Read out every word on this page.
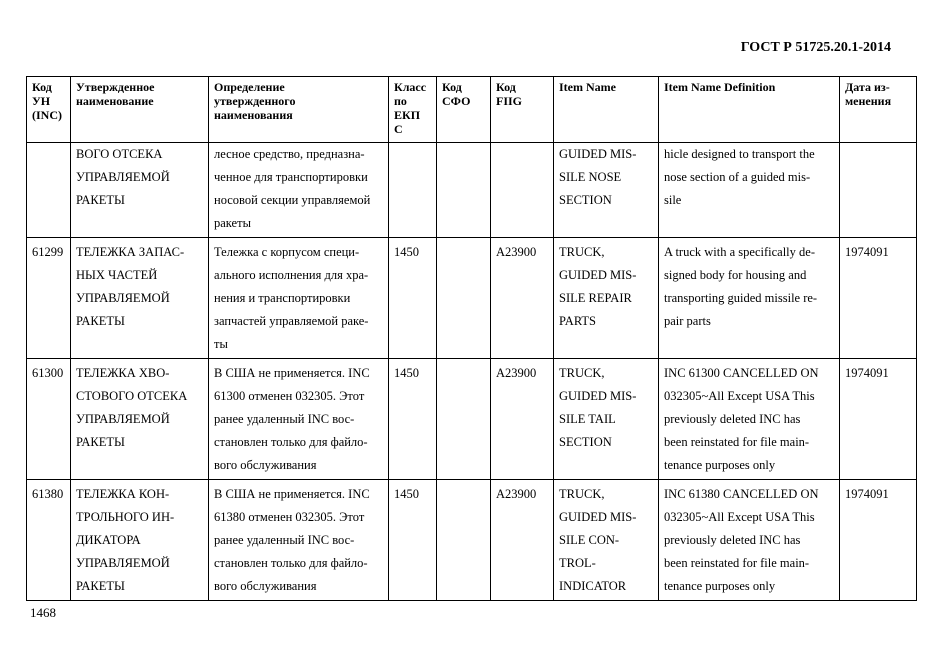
ГОСТ Р 51725.20.1-2014
Код
УН
(INC)	Утвержденное
наименование	Определение
утвержденного
наименования	Класс
по
ЕКП
С	Код
СФО	Код
FIIG	Item Name	Item Name Definition	Дата из-
менения
	ВОГО ОТСЕКА
УПРАВЛЯЕМОЙ
РАКЕТЫ	лесное средство, предназна-
ченное для транспортировки
носовой секции управляемой
ракеты				GUIDED MIS-
SILE NOSE
SECTION	hicle designed to transport the
nose section of a guided mis-
sile	
61299	ТЕЛЕЖКА ЗАПАС-
НЫХ ЧАСТЕЙ
УПРАВЛЯЕМОЙ
РАКЕТЫ	Тележка с корпусом специ-
ального исполнения для хра-
нения и транспортировки
запчастей управляемой раке-
ты	1450		A23900	TRUCK,
GUIDED MIS-
SILE REPAIR
PARTS	A truck with a specifically de-
signed body for housing and
transporting guided missile re-
pair parts	1974091
61300	ТЕЛЕЖКА ХВО-
СТОВОГО ОТСЕКА
УПРАВЛЯЕМОЙ
РАКЕТЫ	В США не применяется. INC
61300 отменен 032305. Этот
ранее удаленный INC вос-
становлен только для файло-
вого обслуживания	1450		A23900	TRUCK,
GUIDED MIS-
SILE TAIL
SECTION	INC 61300 CANCELLED ON
032305~All Except USA This
previously deleted INC has
been reinstated for file main-
tenance purposes only	1974091
61380	ТЕЛЕЖКА КОН-
ТРОЛЬНОГО ИН-
ДИКАТОРА
УПРАВЛЯЕМОЙ
РАКЕТЫ	В США не применяется. INC
61380 отменен 032305. Этот
ранее удаленный INC вос-
становлен только для файло-
вого обслуживания	1450		A23900	TRUCK,
GUIDED MIS-
SILE CON-
TROL-
INDICATOR	INC 61380 CANCELLED ON
032305~All Except USA This
previously deleted INC has
been reinstated for file main-
tenance purposes only	1974091
1468
